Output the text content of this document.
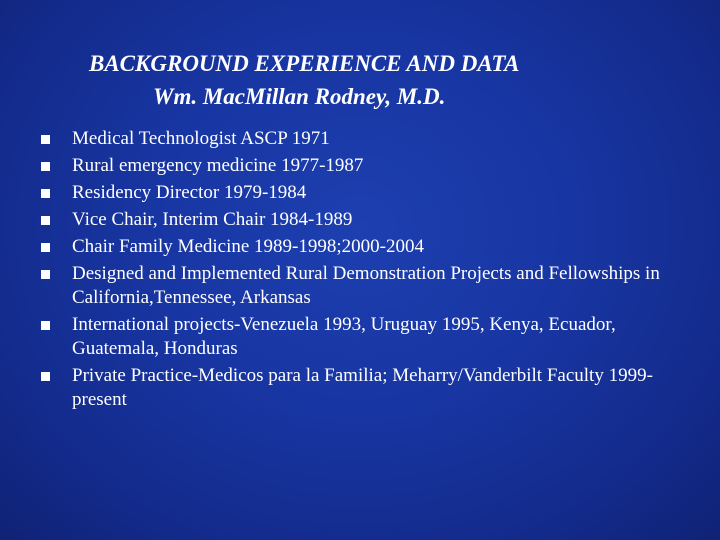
BACKGROUND EXPERIENCE AND DATA
Wm. MacMillan Rodney, M.D.
Medical Technologist ASCP 1971
Rural emergency medicine 1977-1987
Residency Director 1979-1984
Vice Chair, Interim Chair 1984-1989
Chair Family Medicine 1989-1998;2000-2004
Designed and Implemented Rural Demonstration Projects and Fellowships in California,Tennessee, Arkansas
International projects-Venezuela 1993, Uruguay 1995, Kenya, Ecuador, Guatemala, Honduras
Private Practice-Medicos para la Familia; Meharry/Vanderbilt Faculty 1999-present
